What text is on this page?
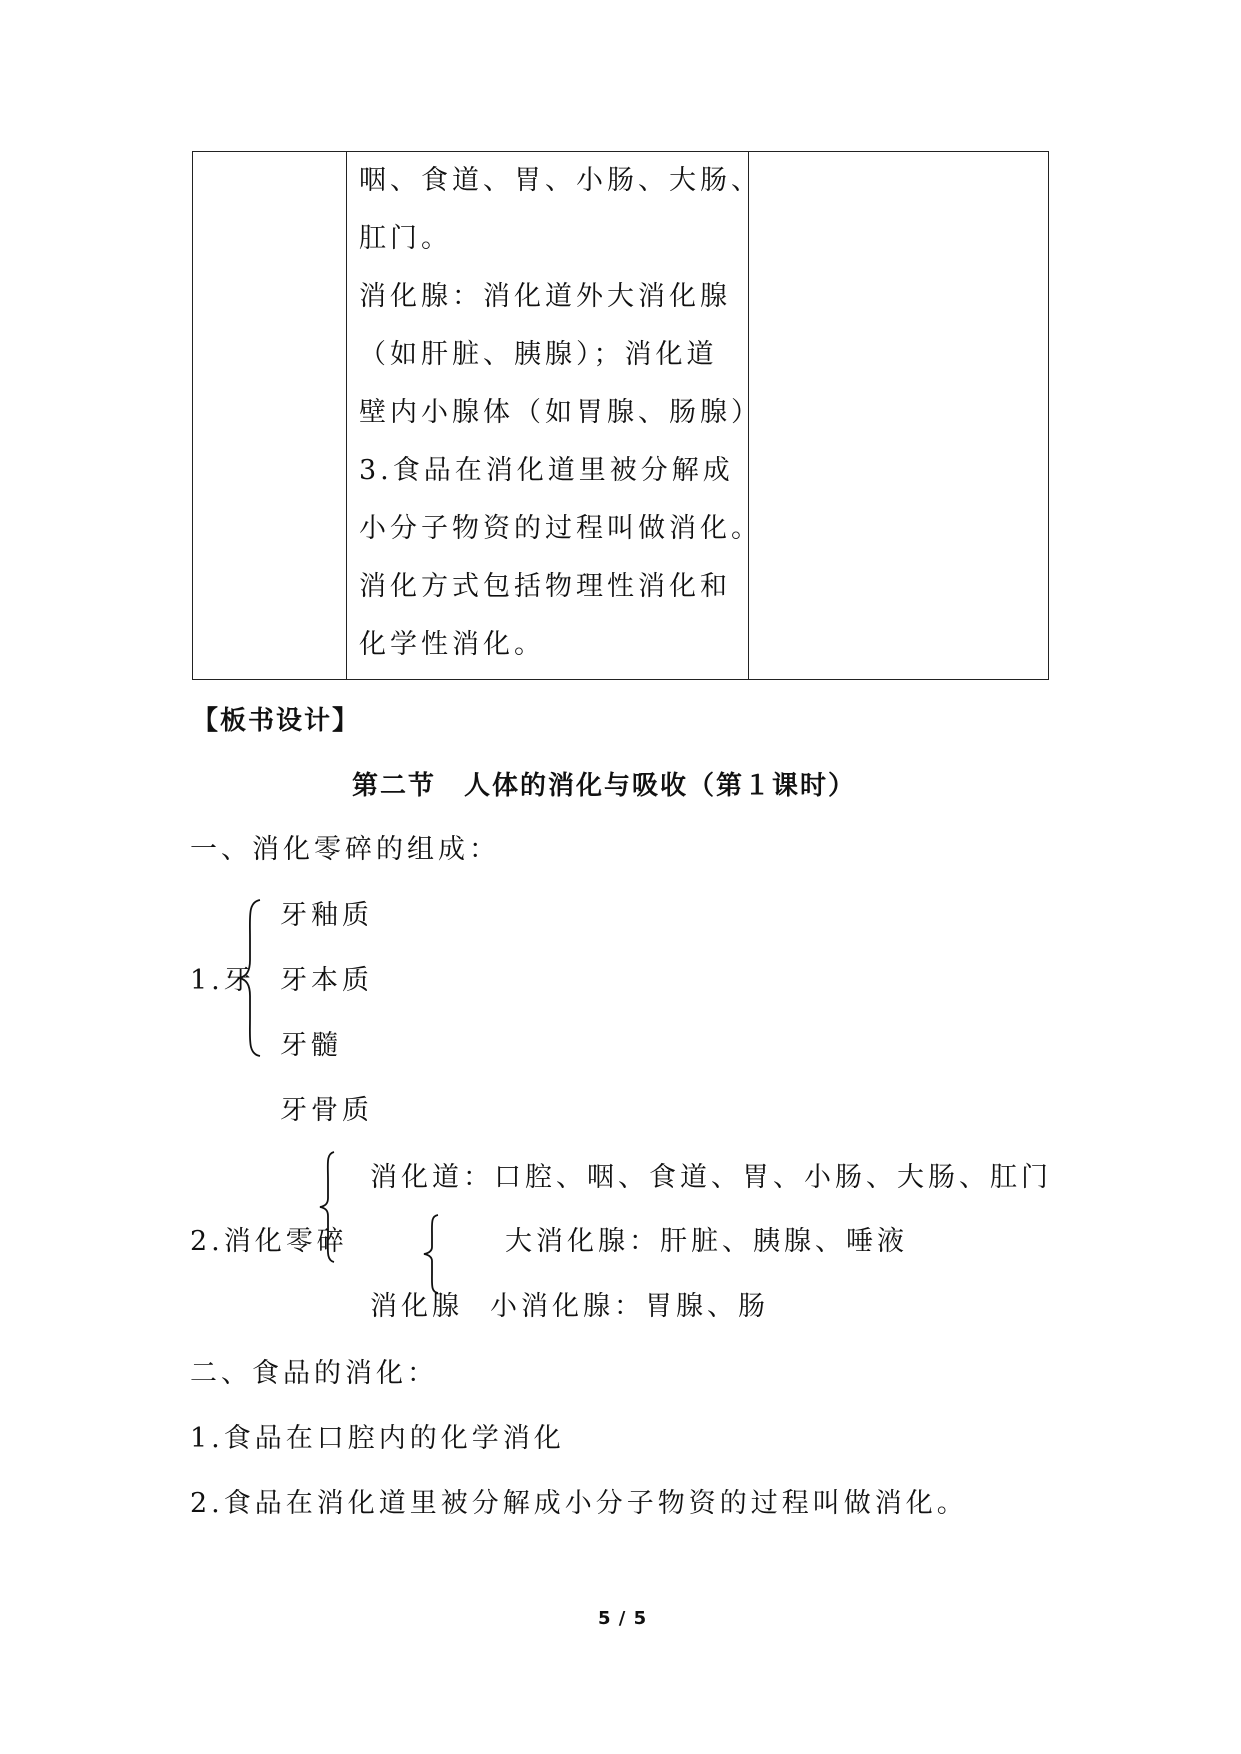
咽、食道、胃、小肠、大肠、
肛门。
消化腺：消化道外大消化腺
（如肝脏、胰腺）；消化道
壁内小腺体（如胃腺、肠腺）
3.食品在消化道里被分解成
小分子物资的过程叫做消化。
消化方式包括物理性消化和
化学性消化。

【板书设计】
第二节　人体的消化与吸收（第１课时）
一、消化零碎的组成：
牙釉质
1.牙 牙本质
牙髓
牙骨质
消化道：口腔、咽、食道、胃、小肠、大肠、肛门
2.消化零碎	大消化腺：肝脏、胰腺、唾液
消化腺 小消化腺：胃腺、肠
二、食品的消化：
1.食品在口腔内的化学消化
2.食品在消化道里被分解成小分子物资的过程叫做消化。
5 / 5
